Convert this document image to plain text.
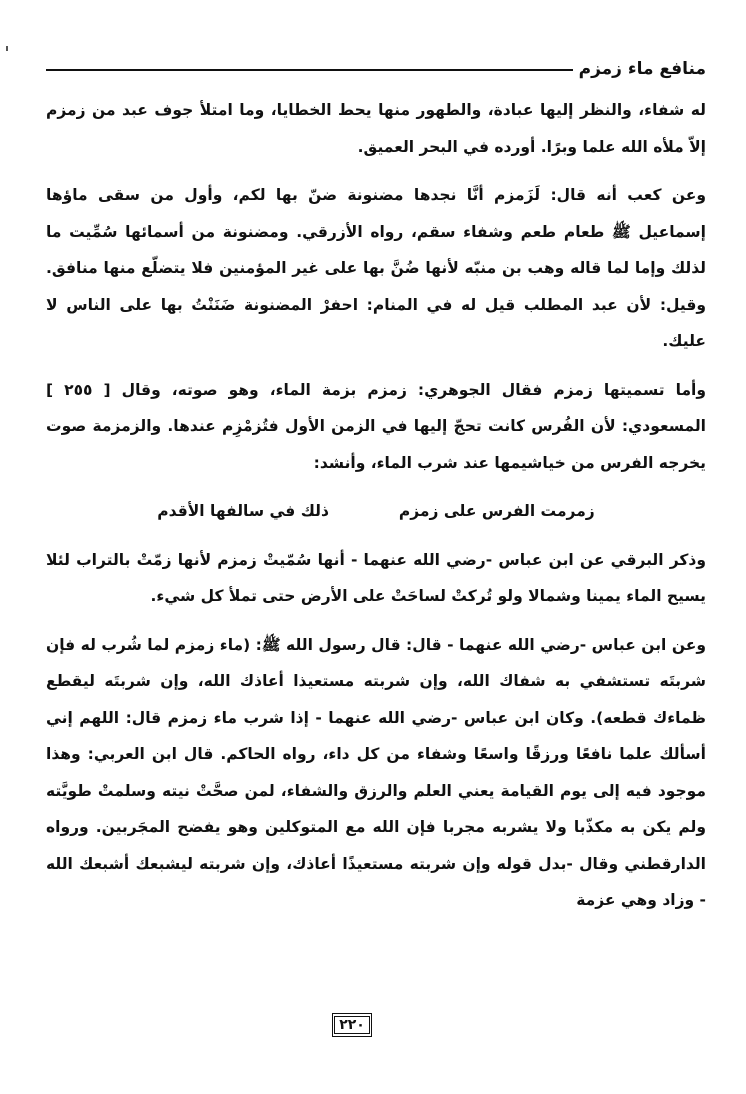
منافع ماء زمزم

له شفاء، والنظر إليها عبادة، والطهور منها يحط الخطايا، وما امتلأ جوف عبد من زمزم إلاّ ملأه الله علما وبرًا. أورده في البحر العميق.

وعن كعب أنه قال: لَزَمزم أنَّا نجدها مضنونة ضنّ بها لكم، وأول من سقى ماؤها إسماعيل ﷺ طعام طعم وشفاء سقم، رواه الأزرقي. ومضنونة من أسمائها سُمِّيت ما لذلك وإما لما قاله وهب بن منبّه لأنها ضُنَّ بها على غير المؤمنين فلا يتضلّع منها منافق. وقيل: لأن عبد المطلب قيل له في المنام: احفرْ المضنونة ضَنَنْتُ بها على الناس لا عليك.

وأما تسميتها زمزم فقال الجوهري: زمزم بزمة الماء، وهو صوته، وقال [ ٢٥٥ ] المسعودي: لأن الفُرس كانت تحجّ إليها في الزمن الأول فتُزمْزِم عندها. والزمزمة صوت يخرجه الفرس من خياشيمها عند شرب الماء، وأنشد:

زمرمت الفرس على زمزم
ذلك في سالفها الأقدم

وذكر البرقي عن ابن عباس -رضي الله عنهما - أنها سُمّيتْ زمزم لأنها زمّتْ بالتراب لئلا يسيح الماء يمينا وشمالا ولو تُركتْ لساحَتْ على الأرض حتى تملأ كل شيء.

وعن ابن عباس -رضي الله عنهما - قال: قال رسول الله ﷺ: (ماء زمزم لما شُرب له فإن شربتَه تستشفي به شفاك الله، وإن شربته مستعيذا أعاذك الله، وإن شربتَه ليقطع ظماءك قطعه). وكان ابن عباس -رضي الله عنهما - إذا شرب ماء زمزم قال: اللهم إني أسألك علما نافعًا ورزقًا واسعًا وشفاء من كل داء، رواه الحاكم. قال ابن العربي: وهذا موجود فيه إلى يوم القيامة يعني العلم والرزق والشفاء، لمن صحَّتْ نيته وسلمتْ طويَّته ولم يكن به مكذّبا ولا يشربه مجربا فإن الله مع المتوكلين وهو يفضح المجَربين. ورواه الدارقطني وقال -بدل قوله وإن شربته مستعيذًا أعاذك، وإن شربته ليشبعك أشبعك الله - وزاد وهي عزمة

٢٢٠
